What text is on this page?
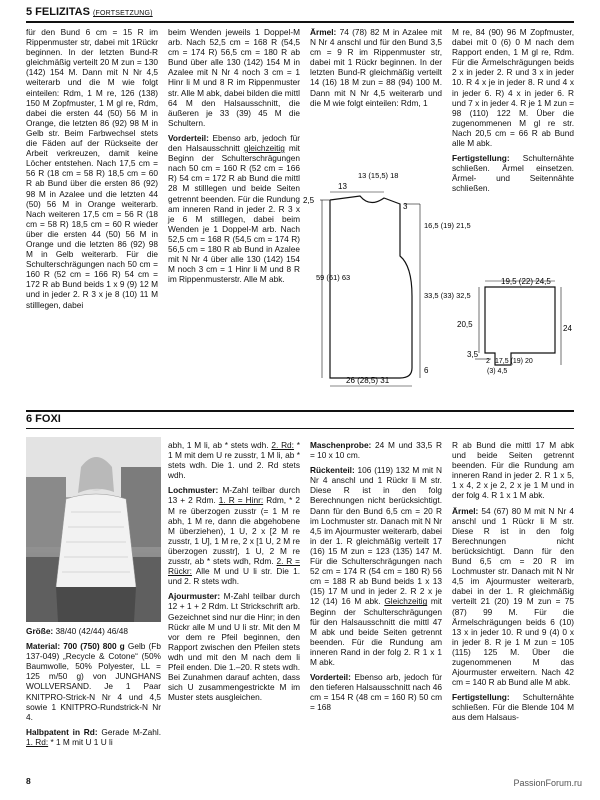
5 FELIZITAS (FORTSETZUNG)

für den Bund 6 cm = 15 R im Rippenmuster str, dabei mit 1Rückr beginnen. In der letzten Bund-R gleichmäßig verteilt 20 M zun = 130 (142) 154 M. Dann mit N Nr 4,5 weiterarb und die M wie folgt einteilen: Rdm, 1 M re, 126 (138) 150 M Zopfmuster, 1 M gl re, Rdm, dabei die ersten 44 (50) 56 M in Orange, die letzten 86 (92) 98 M in Gelb str. Beim Farbwechsel stets die Fäden auf der Rückseite der Arbeit verkreuzen, damit keine Löcher entstehen. Nach 17,5 cm = 56 R (18 cm = 58 R) 18,5 cm = 60 R ab Bund über die ersten 86 (92) 98 M in Azalee und die letzten 44 (50) 56 M in Orange weiterarb. Nach weiteren 17,5 cm = 56 R (18 cm = 58 R) 18,5 cm = 60 R wieder über die ersten 44 (50) 56 M in Orange und die letzten 86 (92) 98 M in Gelb weiterarb. Für die Schulterschrägungen nach 50 cm = 160 R (52 cm = 166 R) 54 cm = 172 R ab Bund beids 1 x 9 (9) 12 M und in jeder 2. R 3 x je 8 (10) 11 M stilllegen, dabei

beim Wenden jeweils 1 Doppel-M arb. Nach 52,5 cm = 168 R (54,5 cm = 174 R) 56,5 cm = 180 R ab Bund über alle 130 (142) 154 M in Azalee mit N Nr 4 noch 3 cm = 1 Hinr li M und 8 R im Rippenmuster str. Alle M abk, dabei bilden die mittl 64 M den Halsausschnitt, die äußeren je 33 (39) 45 M die Schultern.

Vorderteil: Ebenso arb, jedoch für den Halsausschnitt gleichzeitig mit Beginn der Schulterschrägungen nach 50 cm = 160 R (52 cm = 166 R) 54 cm = 172 R ab Bund die mittl 28 M stilllegen und beide Seiten getrennt beenden. Für die Rundung am inneren Rand in jeder 2. R 3 x je 6 M stilllegen, dabei beim Wenden je 1 Doppel-M arb. Nach 52,5 cm = 168 R (54,5 cm = 174 R) 56,5 cm = 180 R ab Bund in Azalee mit N Nr 4 über alle 130 (142) 154 M noch 3 cm = 1 Hinr li M und 8 R im Rippenmusterstr. Alle M abk.

Ärmel: 74 (78) 82 M in Azalee mit N Nr 4 anschl und für den Bund 3,5 cm = 9 R im Rippenmuster str, dabei mit 1 Rückr beginnen. In der letzten Bund-R gleichmäßig verteilt 14 (16) 18 M zun = 88 (94) 100 M. Dann mit N Nr 4,5 weiterarb und die M wie folgt einteilen: Rdm, 1

M re, 84 (90) 96 M Zopfmuster, dabei mit 0 (6) 0 M nach dem Rapport enden, 1 M gl re, Rdm. Für die Ärmelschrägungen beids 2 x in jeder 2. R und 3 x in jeder 10. R 4 x je in jeder 8. R und 4 x in jeder 6. R) 4 x in jeder 6. R und 7 x in jeder 4. R je 1 M zun = 98 (110) 122 M. Über die zugenommenen M gl re str. Nach 20,5 cm = 66 R ab Bund alle M abk.

Fertigstellung: Schulternähte schließen. Ärmel einsetzen. Ärmel- und Seitennähte schließen.

13
13 (15,5) 18
2,5
3
16,5 (19) 21,5
59 (61) 63
33,5 (33) 32,5
6
26 (28,5) 31
19,5 (22) 24,5
20,5	24
3,5
2 17,5 (19) 20
(3) 4,5
6 FOXI

Größe: 38/40 (42/44) 46/48

Material: 700 (750) 800 g Gelb (Fb 137-049) „Recycle & Cotone“ (50% Baumwolle, 50% Polyester, LL = 125 m/50 g) von JUNGHANS WOLLVERSAND. Je 1 Paar KNITPRO-Strick-N Nr 4 und 4,5 sowie 1 KNITPRO-Rundstrick-N Nr 4.

Halbpatent in Rd: Gerade M-Zahl. 1. Rd: * 1 M mit U 1 U li

abh, 1 M li, ab * stets wdh. 2. Rd: * 1 M mit dem U re zusstr, 1 M li, ab * stets wdh. Die 1. und 2. Rd stets wdh.

Lochmuster: M-Zahl teilbar durch 13 + 2 Rdm. 1. R = Hinr: Rdm, * 2 M re überzogen zusstr (= 1 M re abh, 1 M re, dann die abgehobene M überziehen), 1 U, 2 x [2 M re zusstr, 1 U], 1 M re, 2 x [1 U, 2 M re überzogen zusstr], 1 U, 2 M re zusstr, ab * stets wdh, Rdm. 2. R = Rückr: Alle M und U li str. Die 1. und 2. R stets wdh.

Ajourmuster: M-Zahl teilbar durch 12 + 1 + 2 Rdm. Lt Strickschrift arb. Gezeichnet sind nur die Hinr; in den Rückr alle M und U li str. Mit den M vor dem re Pfeil beginnen, den Rapport zwischen den Pfeilen stets wdh und mit den M nach dem li Pfeil enden. Die 1.–20. R stets wdh. Bei Zunahmen darauf achten, dass sich U zusammengestrickte M im Muster stets ausgleichen.

Maschenprobe: 24 M und 33,5 R = 10 x 10 cm.

Rückenteil: 106 (119) 132 M mit N Nr 4 anschl und 1 Rückr li M str. Diese R ist in den folg Berechnungen nicht berücksichtigt. Dann für den Bund 6,5 cm = 20 R im Lochmuster str. Danach mit N Nr 4,5 im Ajourmuster weiterarb, dabei in der 1. R gleichmäßig verteilt 17 (16) 15 M zun = 123 (135) 147 M. Für die Schulterschrägungen nach 52 cm = 174 R (54 cm = 180 R) 56 cm = 188 R ab Bund beids 1 x 13 (15) 17 M und in jeder 2. R 2 x je 12 (14) 16 M abk. Gleichzeitig mit Beginn der Schulterschrägungen für den Halsausschnitt die mittl 47 M abk und beide Seiten getrennt beenden. Für die Rundung am inneren Rand in der folg 2. R 1 x 1 M abk.

Vorderteil: Ebenso arb, jedoch für den tieferen Halsausschnitt nach 46 cm = 154 R (48 cm = 160 R) 50 cm = 168

R ab Bund die mittl 17 M abk und beide Seiten getrennt beenden. Für die Rundung am inneren Rand in jeder 2. R 1 x 5, 1 x 4, 2 x je 2, 2 x je 1 M und in der folg 4. R 1 x 1 M abk.

Ärmel: 54 (67) 80 M mit N Nr 4 anschl und 1 Rückr li M str. Diese R ist in den folg Berechnungen nicht berücksichtigt. Dann für den Bund 6,5 cm = 20 R im Lochmuster str. Danach mit N Nr 4,5 im Ajourmuster weiterarb, dabei in der 1. R gleichmäßig verteilt 21 (20) 19 M zun = 75 (87) 99 M. Für die Ärmelschrägungen beids 6 (10) 13 x in jeder 10. R und 9 (4) 0 x in jeder 8. R je 1 M zun = 105 (115) 125 M. Über die zugenommenen M das Ajourmuster erweitern. Nach 42 cm = 140 R ab Bund alle M abk.

Fertigstellung: Schulternähte schließen. Für die Blende 104 M aus dem Halsaus-

8	PassionForum.ru
